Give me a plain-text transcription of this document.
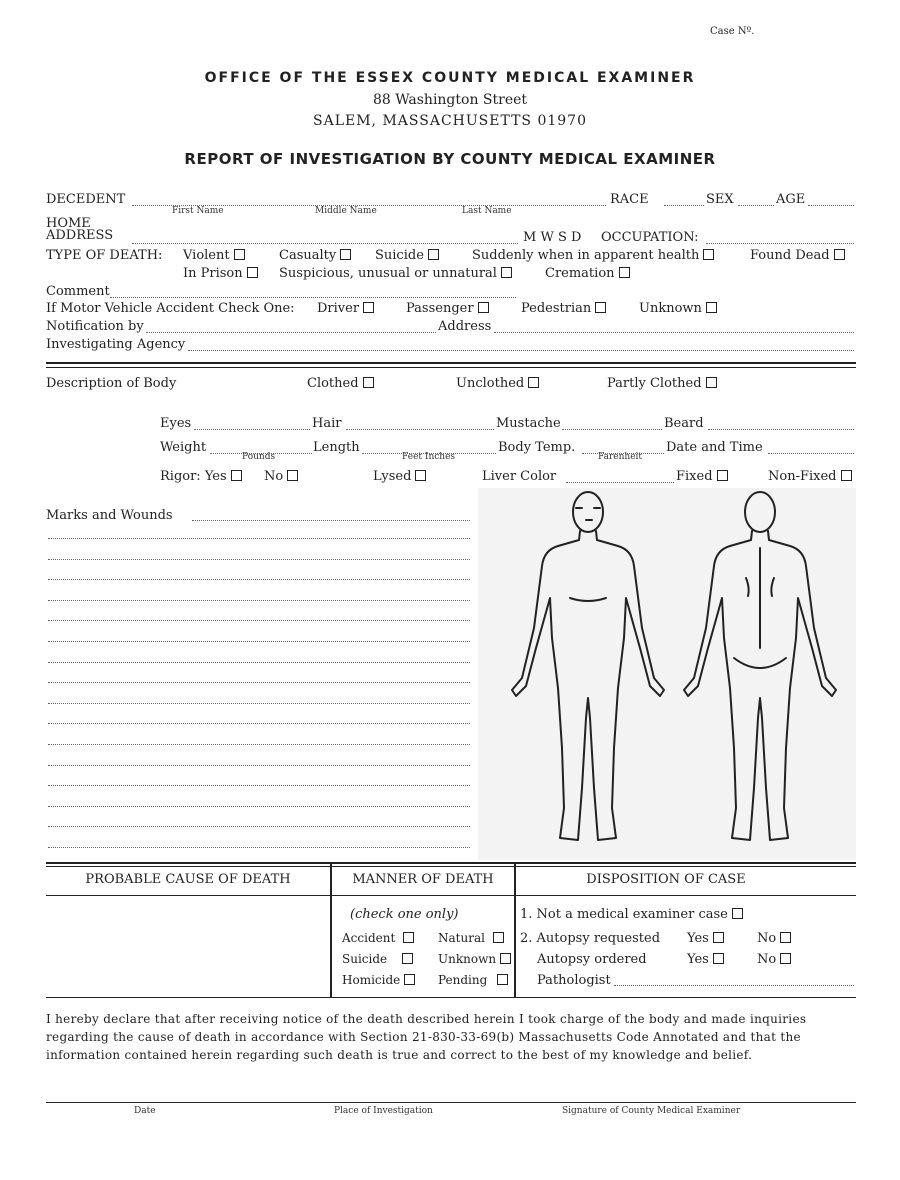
Case Nº.
OFFICE OF THE ESSEX COUNTY MEDICAL EXAMINER
88 Washington Street
SALEM, MASSACHUSETTS 01970
REPORT OF INVESTIGATION BY COUNTY MEDICAL EXAMINER
DECEDENT
First Name	Middle Name	Last Name
RACE	SEX	AGE
HOME
ADDRESS	M W S D OCCUPATION:
TYPE OF DEATH: Violent	Casualty	Suicide	Suddenly when in apparent health	Found Dead
In Prison	Suspicious, unusual or unnatural	Cremation
Comment
If Motor Vehicle Accident Check One: Driver	Passenger	Pedestrian	Unknown
Notification by	Address
Investigating Agency
Description of Body	Clothed	Unclothed	Partly Clothed
Eyes	Hair	Mustache	Beard
Weight
Pounds
Length
Feet Inches
Body Temp.
Farenheit
Date and Time
Rigor: Yes	No	Lysed	Liver Color	Fixed	Non-Fixed
Marks and Wounds
PROBABLE CAUSE OF DEATH	MANNER OF DEATH	DISPOSITION OF CASE
(check one only)
Accident	Natural
Suicide	Unknown
Homicide	Pending
1. Not a medical examiner case
2. Autopsy requested Yes	No
Autopsy ordered	Yes	No
Pathologist
I hereby declare that after receiving notice of the death described herein I took charge of the body and made inquiries
regarding the cause of death in accordance with Section 21-830-33-69(b) Massachusetts Code Annotated and that the
information contained herein regarding such death is true and correct to the best of my knowledge and belief.
Date	Place of Investigation	Signature of County Medical Examiner
